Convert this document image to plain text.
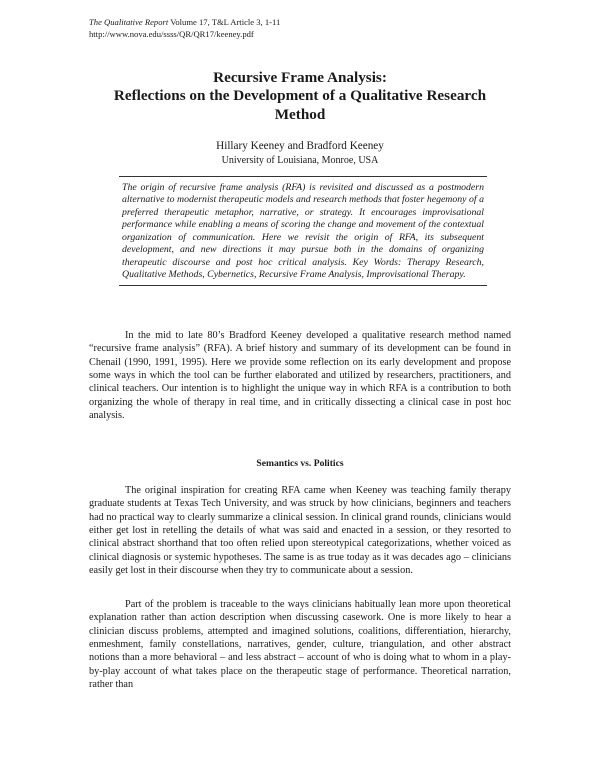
The Qualitative Report Volume 17, T&L Article 3, 1-11
http://www.nova.edu/ssss/QR/QR17/keeney.pdf
Recursive Frame Analysis:
Reflections on the Development of a Qualitative Research
Method
Hillary Keeney and Bradford Keeney
University of Louisiana, Monroe, USA

The origin of recursive frame analysis (RFA) is revisited and discussed as a postmodern alternative to modernist therapeutic models and research methods that foster hegemony of a preferred therapeutic metaphor, narrative, or strategy. It encourages improvisational performance while enabling a means of scoring the change and movement of the contextual organization of communication. Here we revisit the origin of RFA, its subsequent development, and new directions it may pursue both in the domains of organizing therapeutic discourse and post hoc critical analysis. Key Words: Therapy Research, Qualitative Methods, Cybernetics, Recursive Frame Analysis, Improvisational Therapy.

In the mid to late 80’s Bradford Keeney developed a qualitative research method named “recursive frame analysis” (RFA). A brief history and summary of its development can be found in Chenail (1990, 1991, 1995). Here we provide some reflection on its early development and propose some ways in which the tool can be further elaborated and utilized by researchers, practitioners, and clinical teachers. Our intention is to highlight the unique way in which RFA is a contribution to both organizing the whole of therapy in real time, and in critically dissecting a clinical case in post hoc analysis.

Semantics vs. Politics

The original inspiration for creating RFA came when Keeney was teaching family therapy graduate students at Texas Tech University, and was struck by how clinicians, beginners and teachers had no practical way to clearly summarize a clinical session. In clinical grand rounds, clinicians would either get lost in retelling the details of what was said and enacted in a session, or they resorted to clinical abstract shorthand that too often relied upon stereotypical categorizations, whether voiced as clinical diagnosis or systemic hypotheses. The same is as true today as it was decades ago – clinicians easily get lost in their discourse when they try to communicate about a session.

Part of the problem is traceable to the ways clinicians habitually lean more upon theoretical explanation rather than action description when discussing casework. One is more likely to hear a clinician discuss problems, attempted and imagined solutions, coalitions, differentiation, hierarchy, enmeshment, family constellations, narratives, gender, culture, triangulation, and other abstract notions than a more behavioral – and less abstract – account of who is doing what to whom in a play-by-play account of what takes place on the therapeutic stage of performance. Theoretical narration, rather than
